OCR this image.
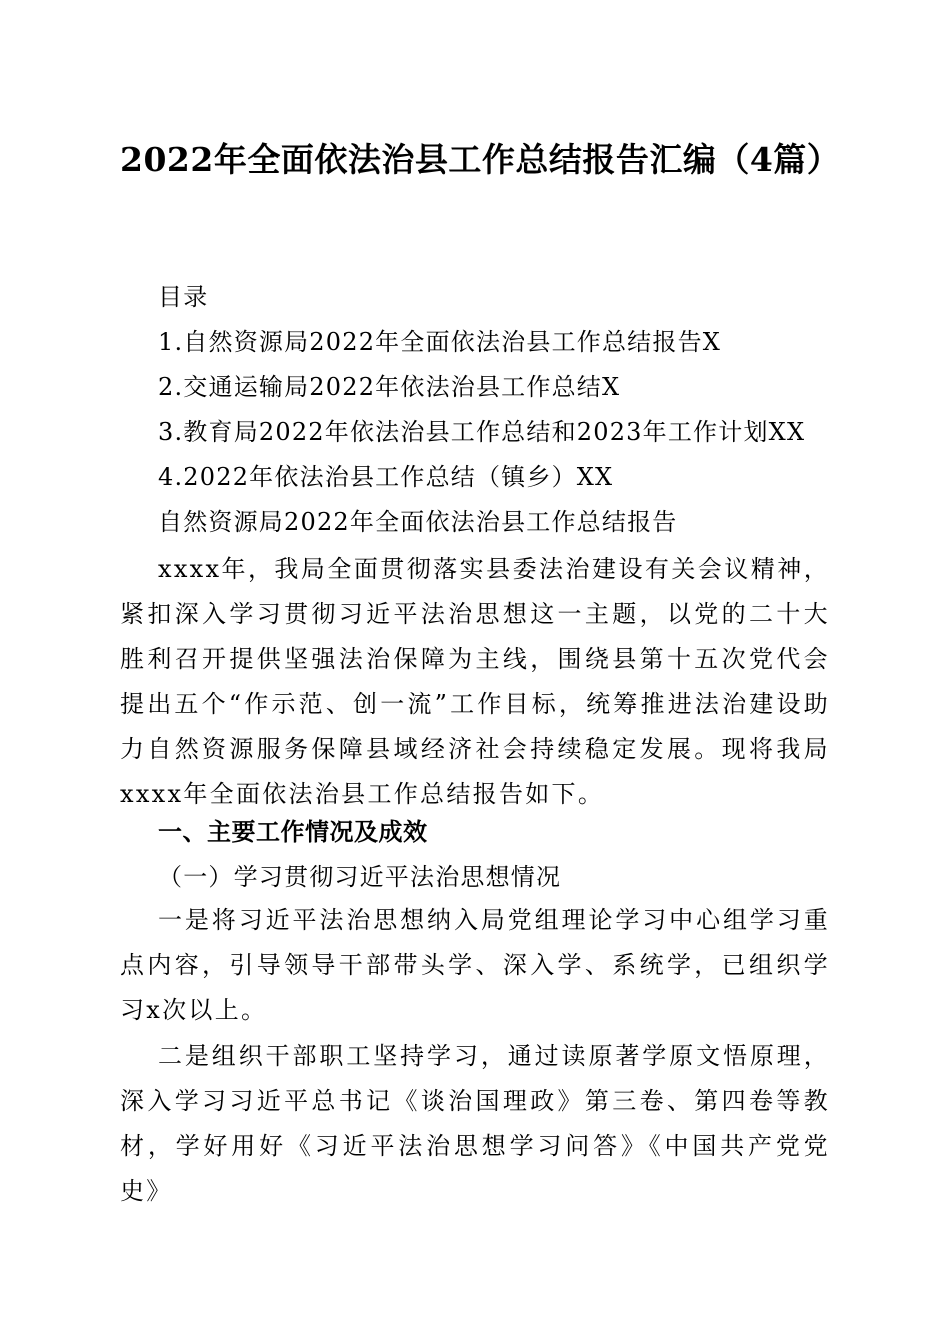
2022年全面依法治县工作总结报告汇编（4篇）
目录
1.自然资源局2022年全面依法治县工作总结报告X
2.交通运输局2022年依法治县工作总结X
3.教育局2022年依法治县工作总结和2023年工作计划XX
4.2022年依法治县工作总结（镇乡）XX
自然资源局2022年全面依法治县工作总结报告
xxxx年，我局全面贯彻落实县委法治建设有关会议精神，紧扣深入学习贯彻习近平法治思想这一主题，以党的二十大胜利召开提供坚强法治保障为主线，围绕县第十五次党代会提出五个“作示范、创一流”工作目标，统筹推进法治建设助力自然资源服务保障县域经济社会持续稳定发展。现将我局xxxx年全面依法治县工作总结报告如下。
一、主要工作情况及成效
（一）学习贯彻习近平法治思想情况
一是将习近平法治思想纳入局党组理论学习中心组学习重点内容，引导领导干部带头学、深入学、系统学，已组织学习x次以上。
二是组织干部职工坚持学习，通过读原著学原文悟原理，深入学习习近平总书记《谈治国理政》第三卷、第四卷等教材，学好用好《习近平法治思想学习问答》《中国共产党党史》
